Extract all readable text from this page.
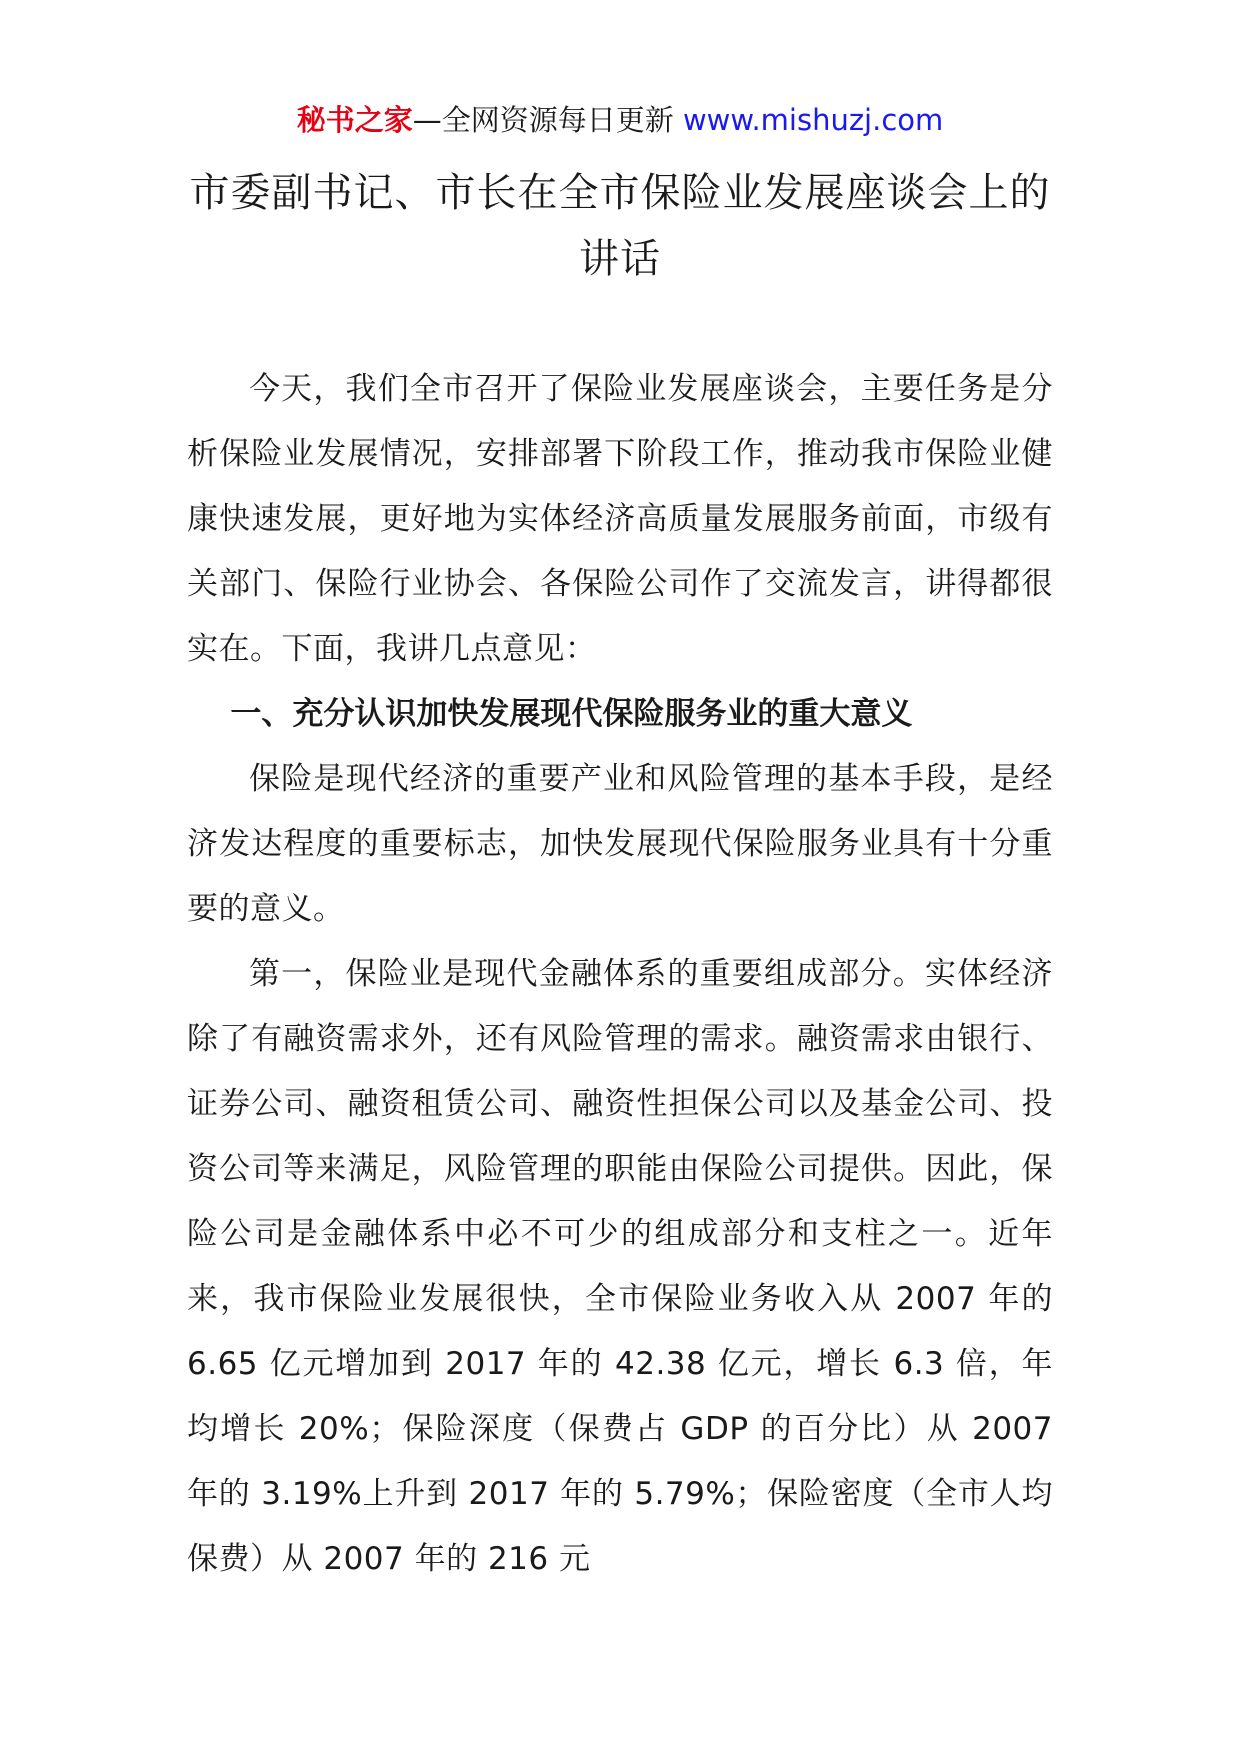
秘书之家—全网资源每日更新 www.mishuzj.com
市委副书记、市长在全市保险业发展座谈会上的讲话

今天，我们全市召开了保险业发展座谈会，主要任务是分析保险业发展情况，安排部署下阶段工作，推动我市保险业健康快速发展，更好地为实体经济高质量发展服务前面，市级有关部门、保险行业协会、各保险公司作了交流发言，讲得都很实在。下面，我讲几点意见：

一、充分认识加快发展现代保险服务业的重大意义

保险是现代经济的重要产业和风险管理的基本手段，是经济发达程度的重要标志，加快发展现代保险服务业具有十分重要的意义。

第一，保险业是现代金融体系的重要组成部分。实体经济除了有融资需求外，还有风险管理的需求。融资需求由银行、证券公司、融资租赁公司、融资性担保公司以及基金公司、投资公司等来满足，风险管理的职能由保险公司提供。因此，保险公司是金融体系中必不可少的组成部分和支柱之一。近年来，我市保险业发展很快，全市保险业务收入从 2007 年的 6.65 亿元增加到 2017 年的 42.38 亿元，增长 6.3 倍，年均增长 20%；保险深度（保费占 GDP 的百分比）从 2007 年的 3.19%上升到 2017 年的 5.79%；保险密度（全市人均保费）从 2007 年的 216 元
